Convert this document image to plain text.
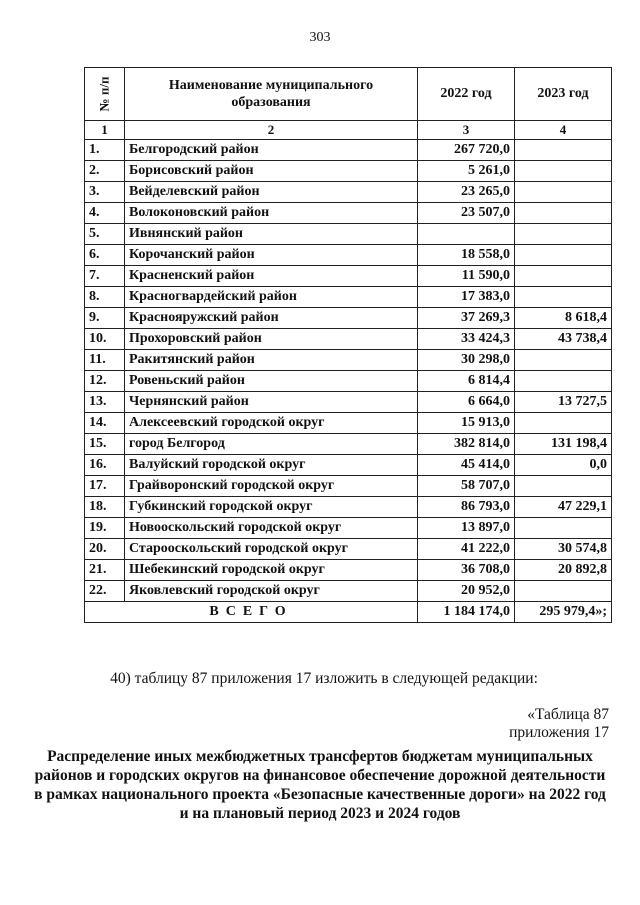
303
№ п/п	Наименование муниципального образования	2022 год	2023 год
1	2	3	4
1.	Белгородский район	267 720,0	
2.	Борисовский район	5 261,0	
3.	Вейделевский район	23 265,0	
4.	Волоконовский район	23 507,0	
5.	Ивнянский район		
6.	Корочанский район	18 558,0	
7.	Красненский район	11 590,0	
8.	Красногвардейский район	17 383,0	
9.	Краснояружский район	37 269,3	8 618,4
10.	Прохоровский район	33 424,3	43 738,4
11.	Ракитянский район	30 298,0	
12.	Ровеньский район	6 814,4	
13.	Чернянский район	6 664,0	13 727,5
14.	Алексеевский городской округ	15 913,0	
15.	город Белгород	382 814,0	131 198,4
16.	Валуйский городской округ	45 414,0	0,0
17.	Грайворонский городской округ	58 707,0	
18.	Губкинский городской округ	86 793,0	47 229,1
19.	Новооскольский городской округ	13 897,0	
20.	Старооскольский городской округ	41 222,0	30 574,8
21.	Шебекинский городской округ	36 708,0	20 892,8
22.	Яковлевский городской округ	20 952,0	
ВСЕГО		1 184 174,0	295 979,4»;
40) таблицу 87 приложения 17 изложить в следующей редакции:
«Таблица 87
приложения 17
Распределение иных межбюджетных трансфертов бюджетам муниципальных районов и городских округов на финансовое обеспечение дорожной деятельности в рамках национального проекта «Безопасные качественные дороги» на 2022 год и на плановый период 2023 и 2024 годов
